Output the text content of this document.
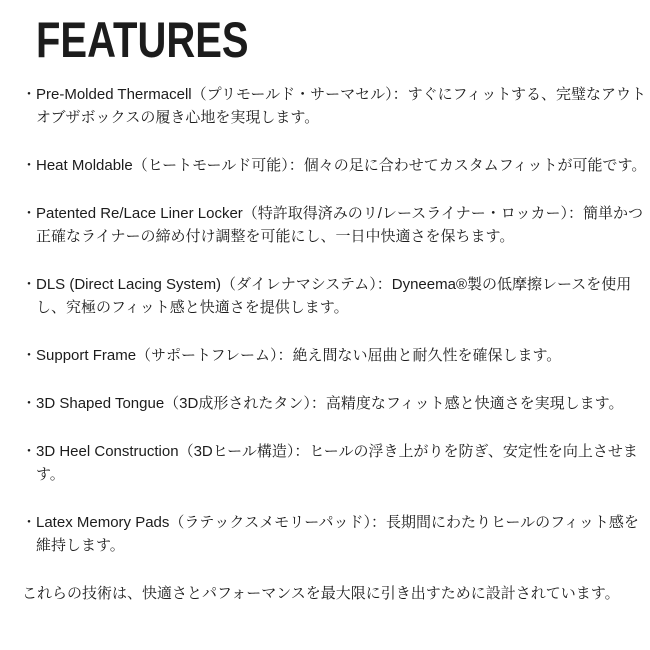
FEATURES
・ Pre-Molded Thermacell（プリモールド・サーマセル）：すぐにフィットする、完璧なアウトオブザボックスの履き心地を実現します。
・ Heat Moldable（ヒートモールド可能）：個々の足に合わせてカスタムフィットが可能です。
・ Patented Re/Lace Liner Locker（特許取得済みのリ/レースライナー・ロッカー）：簡単かつ正確なライナーの締め付け調整を可能にし、一日中快適さを保ちます。
・ DLS (Direct Lacing System)（ダイレナマシステム）：Dyneema®製の低摩擦レースを使用し、究極のフィット感と快適さを提供します。
・ Support Frame（サポートフレーム）：絶え間ない屈曲と耐久性を確保します。
・ 3D Shaped Tongue（3D成形されたタン）：高精度なフィット感と快適さを実現します。
・ 3D Heel Construction（3Dヒール構造）：ヒールの浮き上がりを防ぎ、安定性を向上させます。
・ Latex Memory Pads（ラテックスメモリーパッド）：長期間にわたりヒールのフィット感を維持します。

これらの技術は、快適さとパフォーマンスを最大限に引き出すために設計されています。
